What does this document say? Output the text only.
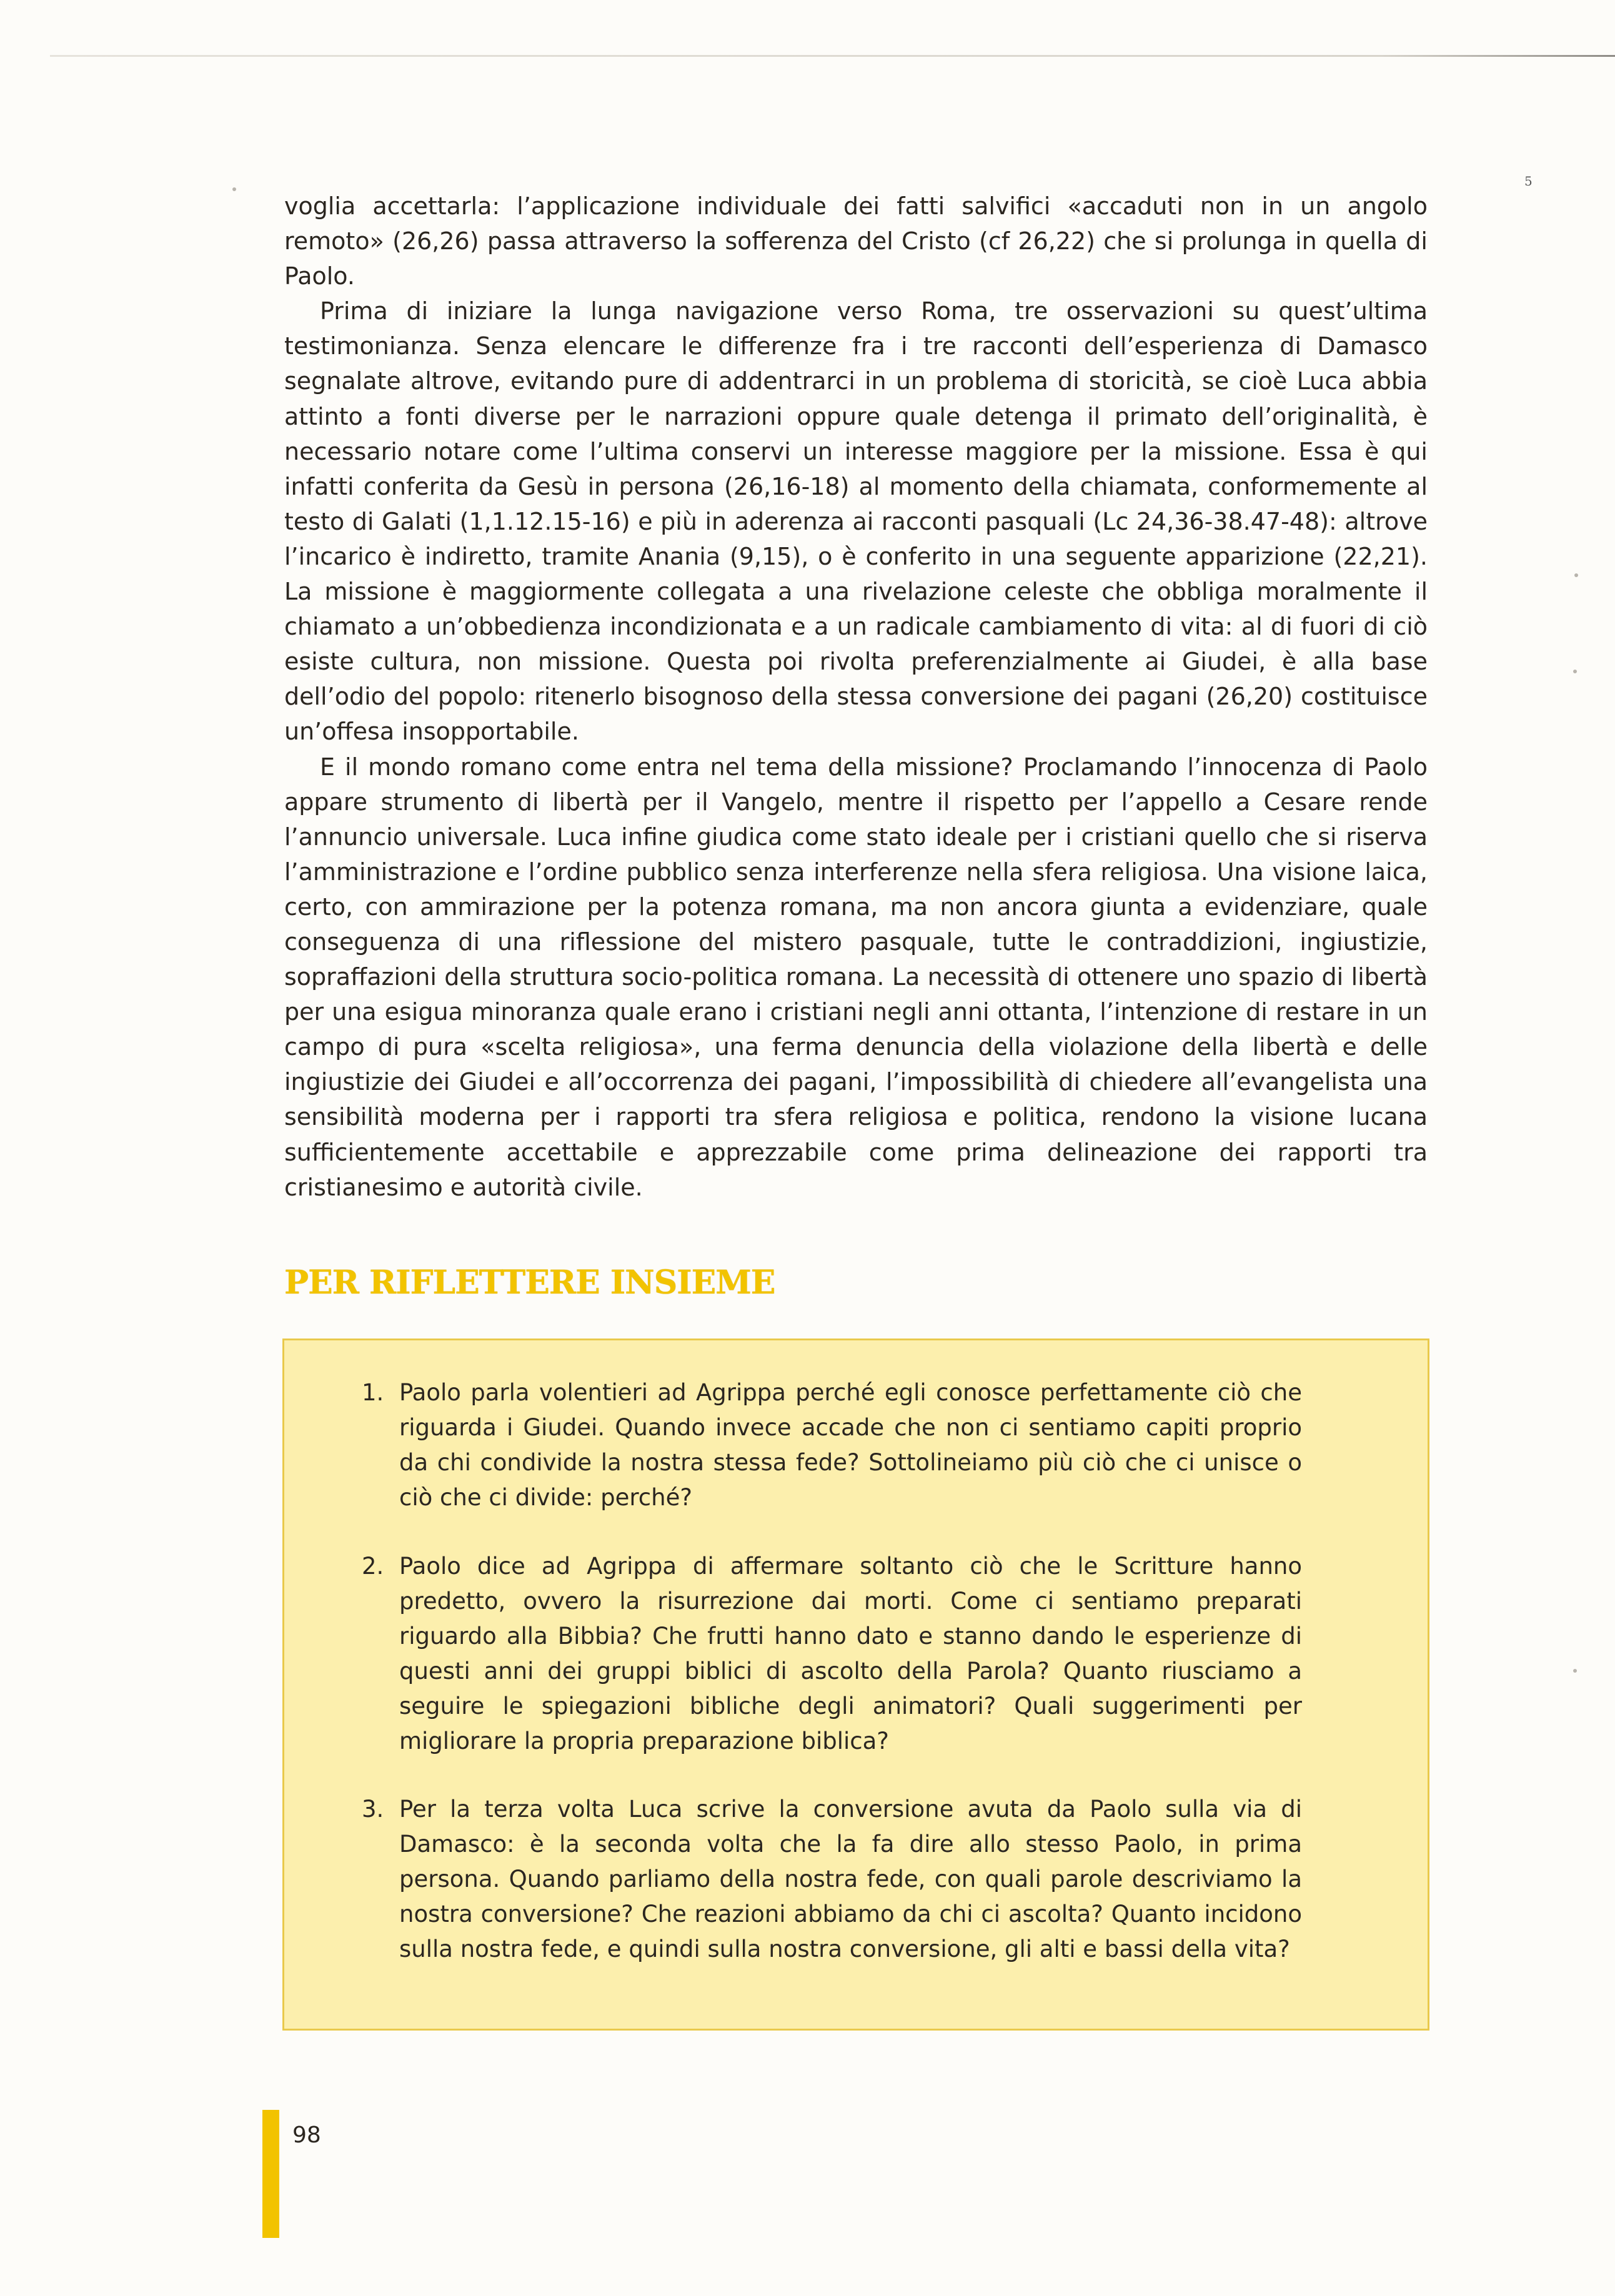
5

voglia accettarla: l’applicazione individuale dei fatti salvifici «accaduti non in un angolo remoto» (26,26) passa attraverso la sofferenza del Cristo (cf 26,22) che si prolunga in quella di Paolo.

Prima di iniziare la lunga navigazione verso Roma, tre osservazioni su quest’ultima testimonianza. Senza elencare le differenze fra i tre racconti dell’esperienza di Damasco segnalate altrove, evitando pure di addentrarci in un problema di storicità, se cioè Luca abbia attinto a fonti diverse per le narrazioni oppure quale detenga il primato dell’originalità, è necessario notare come l’ultima conservi un interesse maggiore per la missione. Essa è qui infatti conferita da Gesù in persona (26,16-18) al momento della chiamata, conformemente al testo di Galati (1,1.12.15-16) e più in aderenza ai racconti pasquali (Lc 24,36-38.47-48): altrove l’incarico è indiretto, tramite Anania (9,15), o è conferito in una seguente apparizione (22,21). La missione è maggiormente collegata a una rivelazione celeste che obbliga moralmente il chiamato a un’obbedienza incondizionata e a un radicale cambiamento di vita: al di fuori di ciò esiste cultura, non missione. Questa poi rivolta preferenzialmente ai Giudei, è alla base dell’odio del popolo: ritenerlo bisognoso della stessa conversione dei pagani (26,20) costituisce un’offesa insopportabile.

E il mondo romano come entra nel tema della missione? Proclamando l’innocenza di Paolo appare strumento di libertà per il Vangelo, mentre il rispetto per l’appello a Cesare rende l’annuncio universale. Luca infine giudica come stato ideale per i cristiani quello che si riserva l’amministrazione e l’ordine pubblico senza interferenze nella sfera religiosa. Una visione laica, certo, con ammirazione per la potenza romana, ma non ancora giunta a evidenziare, quale conseguenza di una riflessione del mistero pasquale, tutte le contraddizioni, ingiustizie, sopraffazioni della struttura socio-politica romana. La necessità di ottenere uno spazio di libertà per una esigua minoranza quale erano i cristiani negli anni ottanta, l’intenzione di restare in un campo di pura «scelta religiosa», una ferma denuncia della violazione della libertà e delle ingiustizie dei Giudei e all’occorrenza dei pagani, l’impossibilità di chiedere all’evangelista una sensibilità moderna per i rapporti tra sfera religiosa e politica, rendono la visione lucana sufficientemente accettabile e apprezzabile come prima delineazione dei rapporti tra cristianesimo e autorità civile.

PER RIFLETTERE INSIEME
1. Paolo parla volentieri ad Agrippa perché egli conosce perfettamente ciò che riguarda i Giudei. Quando invece accade che non ci sentiamo capiti proprio da chi condivide la nostra stessa fede? Sottolineiamo più ciò che ci unisce o ciò che ci divide: perché?
2. Paolo dice ad Agrippa di affermare soltanto ciò che le Scritture hanno predetto, ovvero la risurrezione dai morti. Come ci sentiamo preparati riguardo alla Bibbia? Che frutti hanno dato e stanno dando le esperienze di questi anni dei gruppi biblici di ascolto della Parola? Quanto riusciamo a seguire le spiegazioni bibliche degli animatori? Quali suggerimenti per migliorare la propria preparazione biblica?
3. Per la terza volta Luca scrive la conversione avuta da Paolo sulla via di Damasco: è la seconda volta che la fa dire allo stesso Paolo, in prima persona. Quando parliamo della nostra fede, con quali parole descriviamo la nostra conversione? Che reazioni abbiamo da chi ci ascolta? Quanto incidono sulla nostra fede, e quindi sulla nostra conversione, gli alti e bassi della vita?
98
